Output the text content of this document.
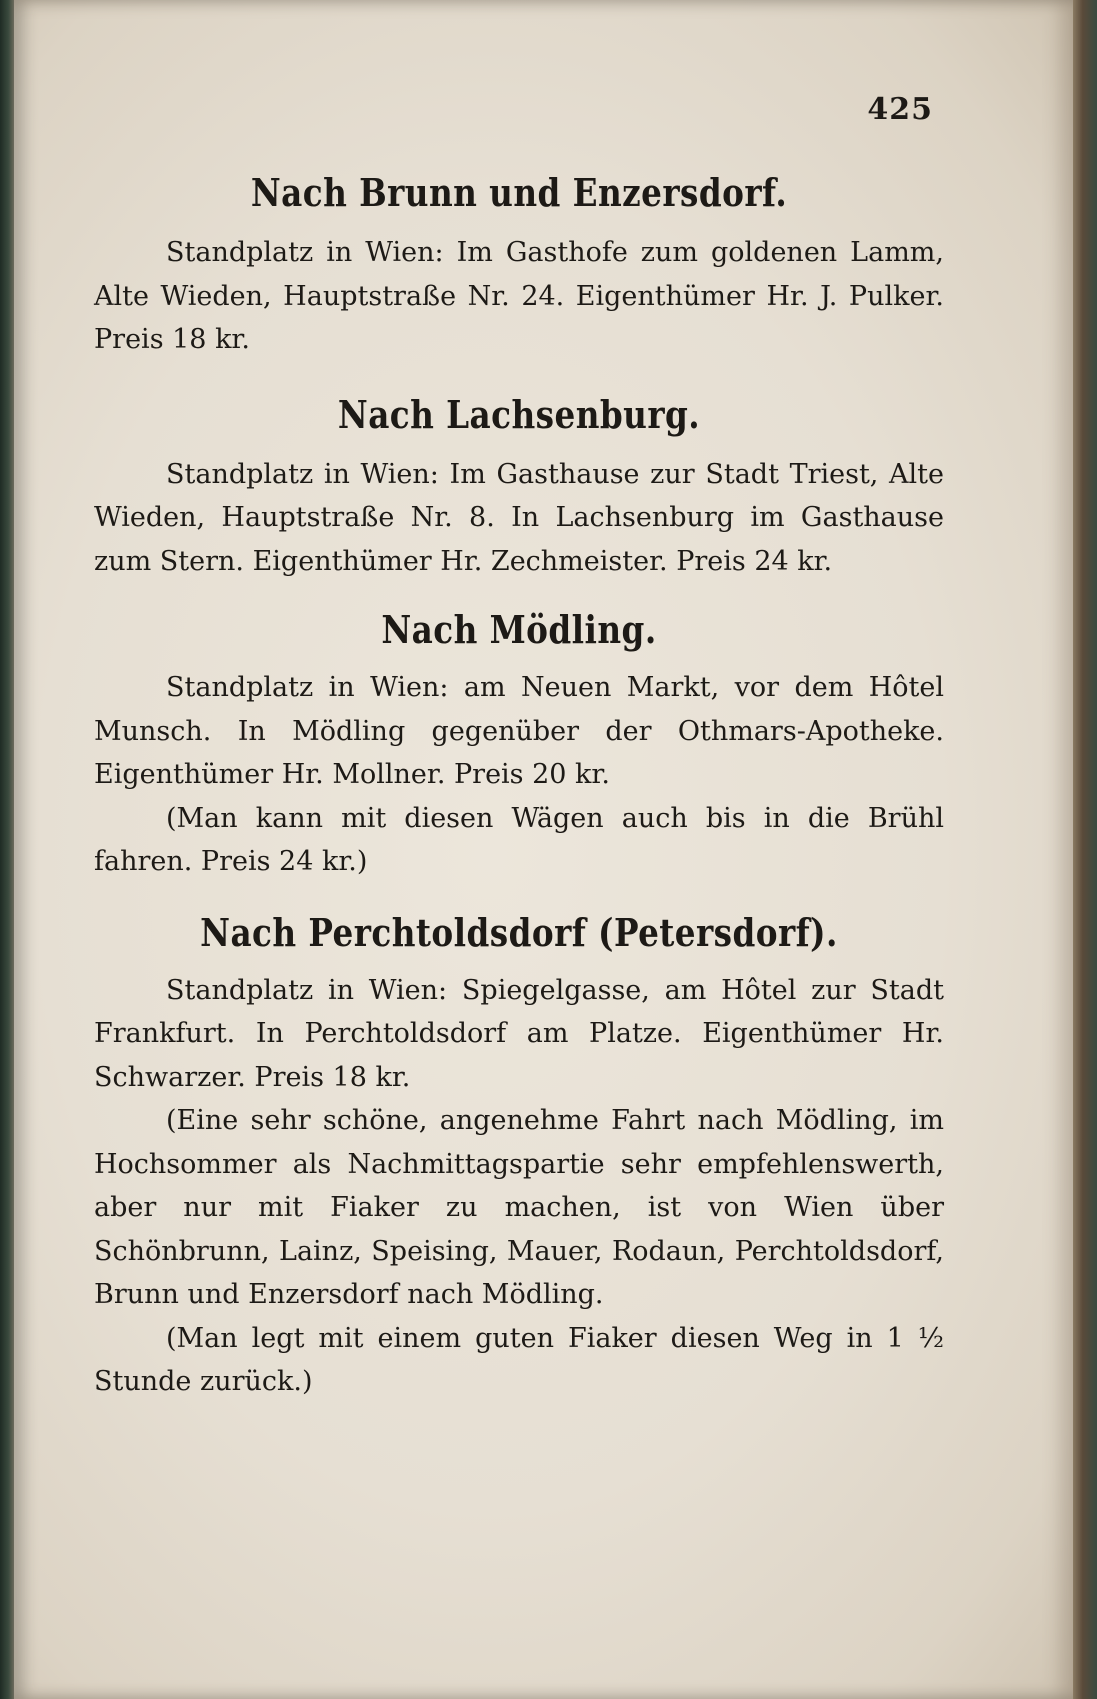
425
Nach Brunn und Enzersdorf.

Standplatz in Wien: Im Gasthofe zum goldenen Lamm, Alte Wieden, Hauptstraße Nr. 24. Eigenthümer Hr. J. Pulker. Preis 18 kr.

Nach Lachsenburg.

Standplatz in Wien: Im Gasthause zur Stadt Triest, Alte Wieden, Hauptstraße Nr. 8. In Lachsenburg im Gasthause zum Stern. Eigenthümer Hr. Zechmeister. Preis 24 kr.

Nach Mödling.

Standplatz in Wien: am Neuen Markt, vor dem Hôtel Munsch. In Mödling gegenüber der Othmars-Apotheke. Eigenthümer Hr. Mollner. Preis 20 kr.

(Man kann mit diesen Wägen auch bis in die Brühl fahren. Preis 24 kr.)

Nach Perchtoldsdorf (Petersdorf).

Standplatz in Wien: Spiegelgasse, am Hôtel zur Stadt Frankfurt. In Perchtoldsdorf am Platze. Eigenthümer Hr. Schwarzer. Preis 18 kr.

(Eine sehr schöne, angenehme Fahrt nach Mödling, im Hochsommer als Nachmittagspartie sehr empfehlenswerth, aber nur mit Fiaker zu machen, ist von Wien über Schönbrunn, Lainz, Speising, Mauer, Rodaun, Perchtoldsdorf, Brunn und Enzersdorf nach Mödling.

(Man legt mit einem guten Fiaker diesen Weg in 1 ½ Stunde zurück.)
